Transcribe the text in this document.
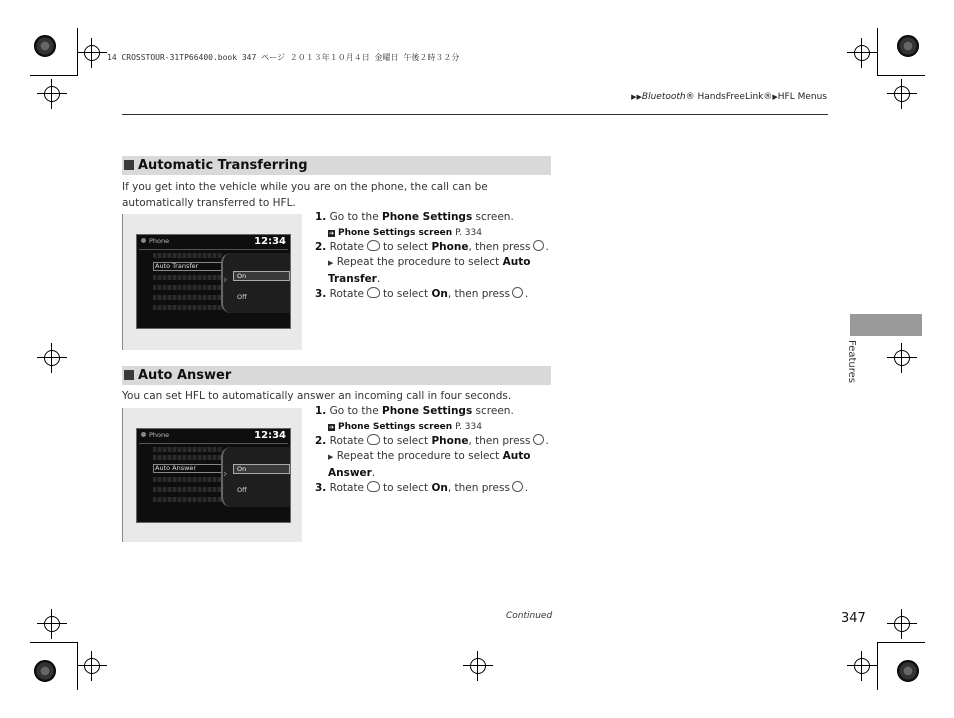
14 CROSSTOUR-31TP66400.book 347 ページ ２０１３年１０月４日 金曜日 午後２時３２分
▶▶Bluetooth® HandsFreeLink®▶HFL Menus
Automatic Transferring
If you get into the vehicle while you are on the phone, the call can be automatically transferred to HFL.
Phone	12:34
Auto Transfer
On
Off
›
1. Go to the Phone Settings screen.
➔ Phone Settings screen P. 334
2. Rotate to select Phone, then press .
▶ Repeat the procedure to select Auto Transfer.
3. Rotate to select On, then press .
Auto Answer
You can set HFL to automatically answer an incoming call in four seconds.
Phone	12:34
Auto Answer	On
Off
›
1. Go to the Phone Settings screen.
➔ Phone Settings screen P. 334
2. Rotate to select Phone, then press .
▶ Repeat the procedure to select Auto Answer.
3. Rotate to select On, then press .
Features
Continued	347
